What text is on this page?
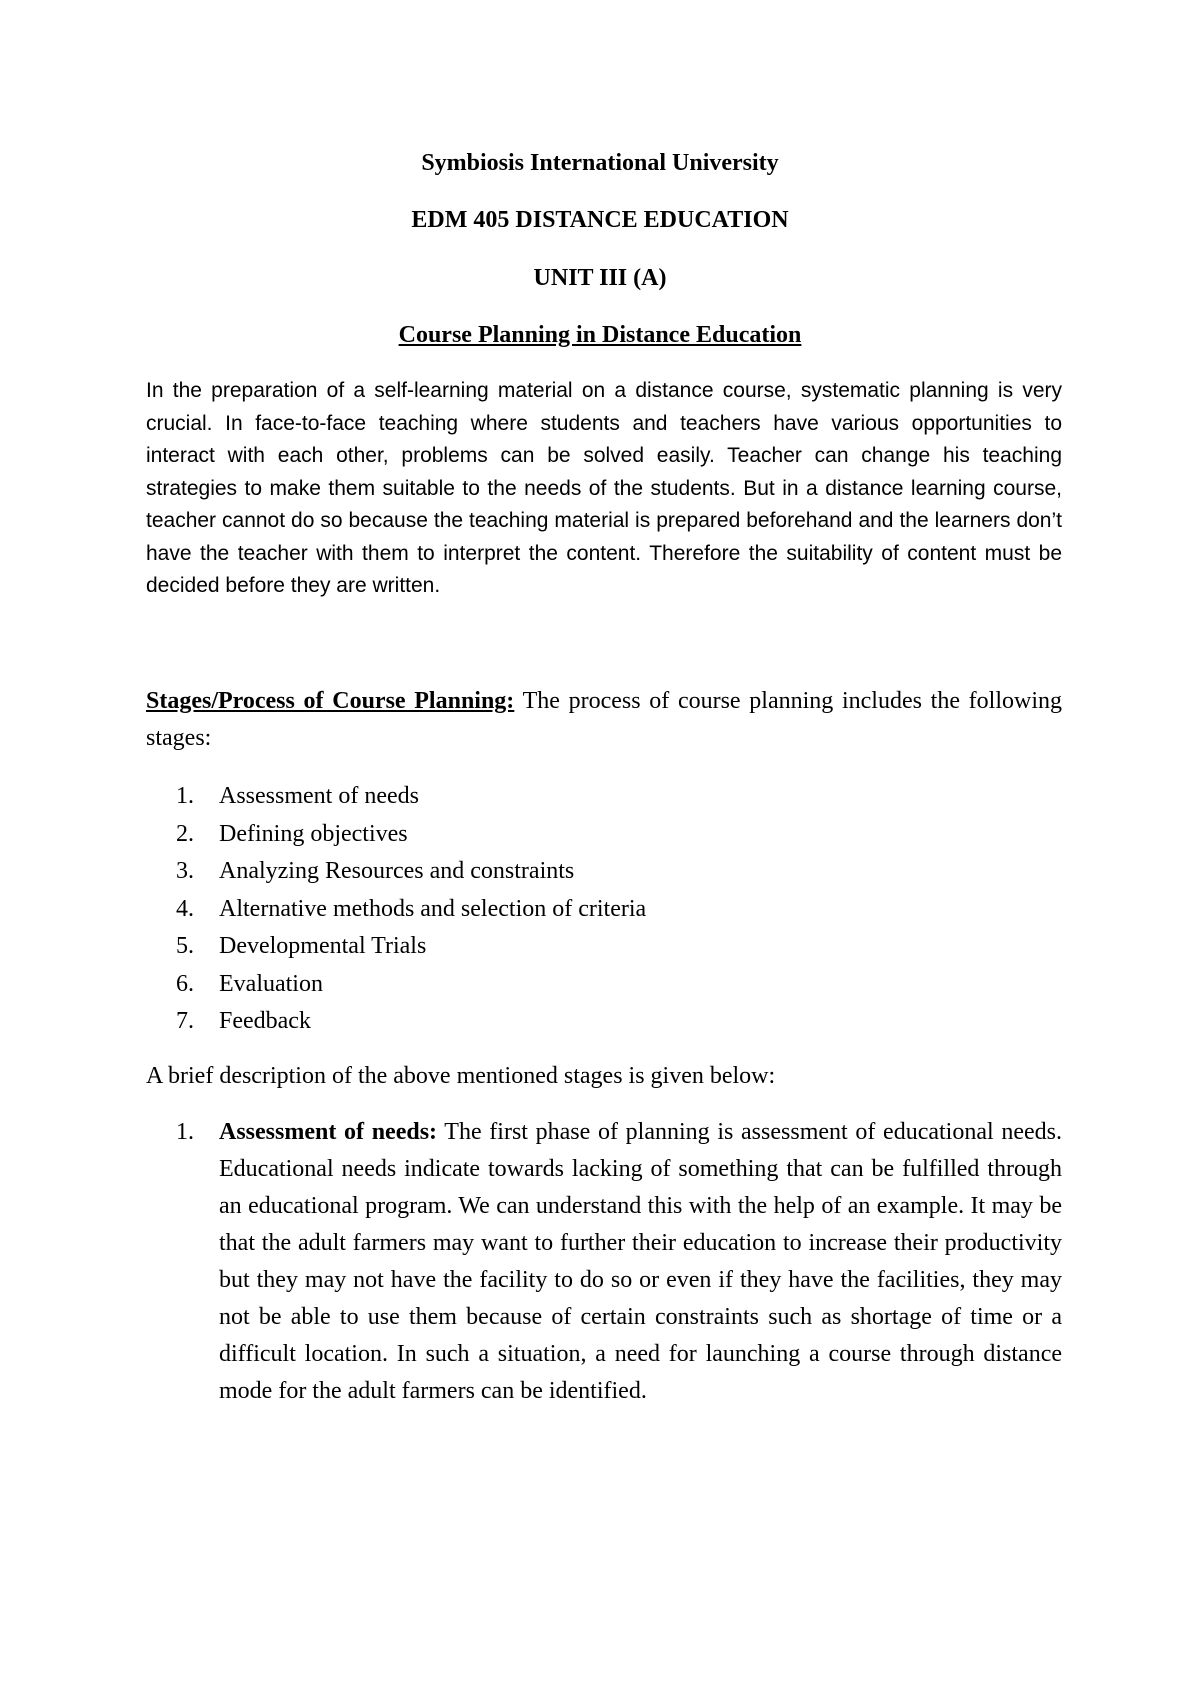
Symbiosis International University

EDM 405 DISTANCE EDUCATION

UNIT III (A)

Course Planning in Distance Education

In the preparation of a self-learning material on a distance course, systematic planning is very crucial. In face-to-face teaching where students and teachers have various opportunities to interact with each other, problems can be solved easily. Teacher can change his teaching strategies to make them suitable to the needs of the students. But in a distance learning course, teacher cannot do so because the teaching material is prepared beforehand and the learners don’t have the teacher with them to interpret the content. Therefore the suitability of content must be decided before they are written.

Stages/Process of Course Planning: The process of course planning includes the following stages:

1. Assessment of needs
2. Defining objectives
3. Analyzing Resources and constraints
4. Alternative methods and selection of criteria
5. Developmental Trials
6. Evaluation
7. Feedback

A brief description of the above mentioned stages is given below:

1. Assessment of needs: The first phase of planning is assessment of educational needs. Educational needs indicate towards lacking of something that can be fulfilled through an educational program. We can understand this with the help of an example. It may be that the adult farmers may want to further their education to increase their productivity but they may not have the facility to do so or even if they have the facilities, they may not be able to use them because of certain constraints such as shortage of time or a difficult location. In such a situation, a need for launching a course through distance mode for the adult farmers can be identified.
